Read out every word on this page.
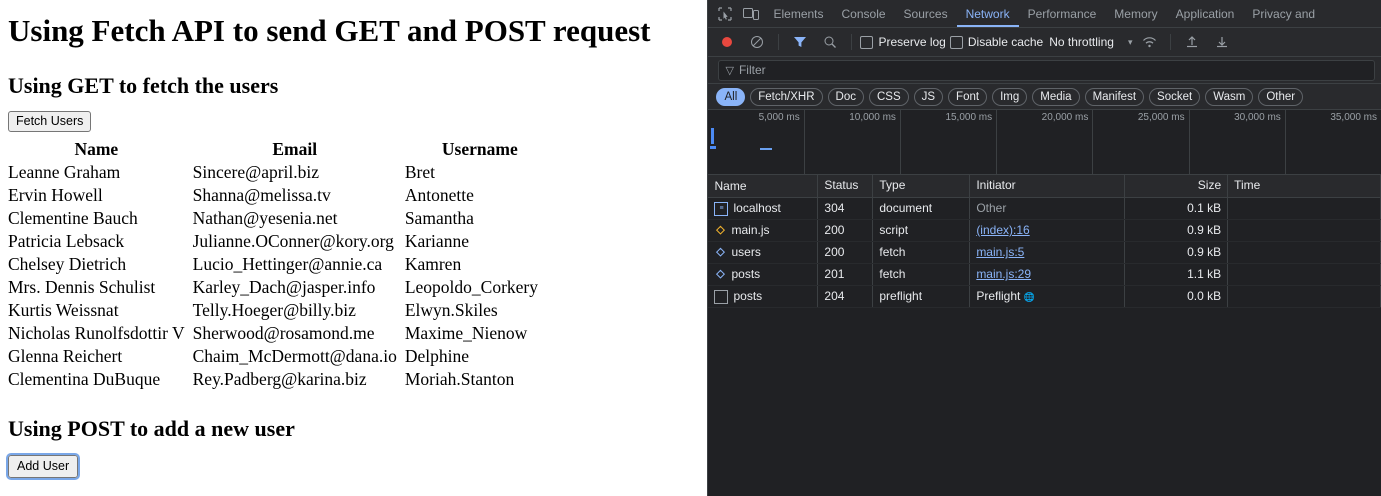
Using Fetch API to send GET and POST request
Using GET to fetch the users
Fetch Users
Name	Email	Username
Leanne Graham	Sincere@april.biz	Bret
Ervin Howell	Shanna@melissa.tv	Antonette
Clementine Bauch	Nathan@yesenia.net	Samantha
Patricia Lebsack	Julianne.OConner@kory.org	Karianne
Chelsey Dietrich	Lucio_Hettinger@annie.ca	Kamren
Mrs. Dennis Schulist	Karley_Dach@jasper.info	Leopoldo_Corkery
Kurtis Weissnat	Telly.Hoeger@billy.biz	Elwyn.Skiles
Nicholas Runolfsdottir V	Sherwood@rosamond.me	Maxime_Nienow
Glenna Reichert	Chaim_McDermott@dana.io	Delphine
Clementina DuBuque	Rey.Padberg@karina.biz	Moriah.Stanton
Using POST to add a new user
Add User
Elements	Console	Sources	Network	Performance	Memory	Application	Privacy and
Preserve log Disable cache No throttling ▾
▽ Filter
All	Fetch/XHR	Doc	CSS	JS	Font	Img	Media	Manifest	Socket	Wasm	Other
5,000 ms	10,000 ms	15,000 ms	20,000 ms	25,000 ms	30,000 ms	35,000 ms
Name	Status	Type	Initiator	Size	Time
≡ localhost	304	document	Other	0.1 kB
◇ main.js	200	script	(index):16	0.9 kB
◇ users	200	fetch	main.js:5	0.9 kB
◇ posts	201	fetch	main.js:29	1.1 kB
posts	204	preflight	Preflight 🌐	0.0 kB
